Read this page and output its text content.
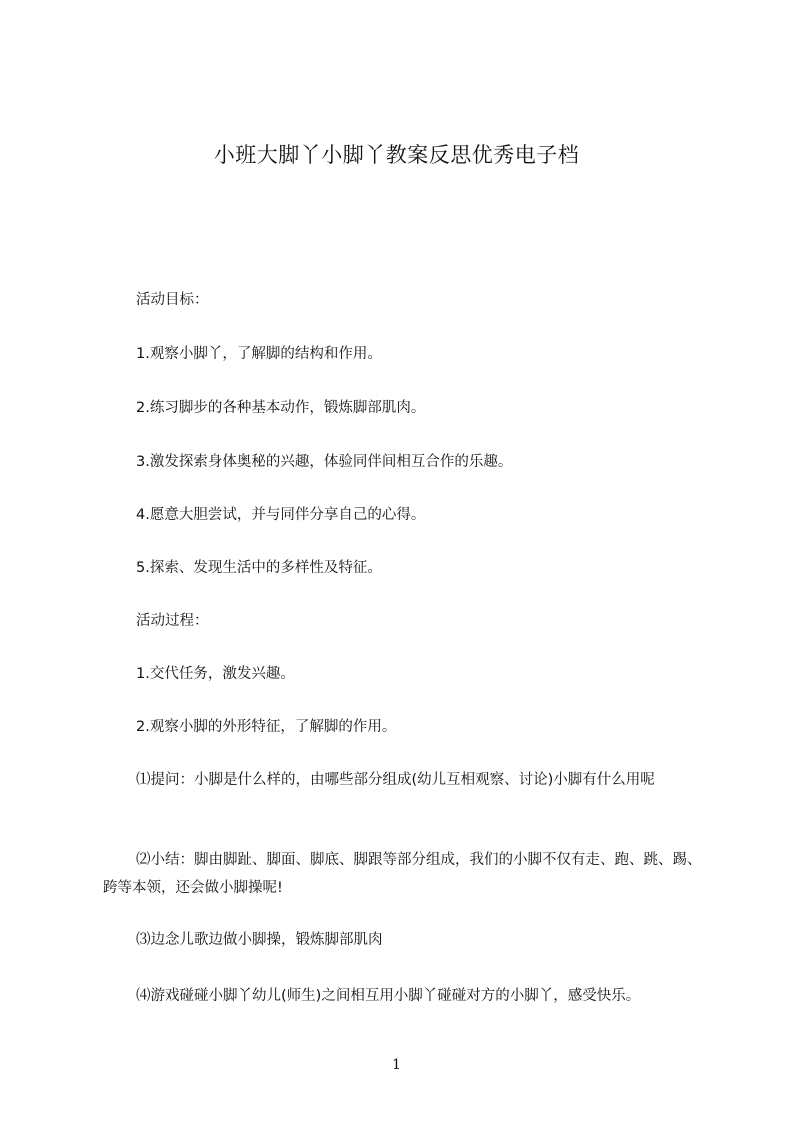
小班大脚丫小脚丫教案反思优秀电子档
活动目标：
1.观察小脚丫，了解脚的结构和作用。
2.练习脚步的各种基本动作，锻炼脚部肌肉。
3.激发探索身体奥秘的兴趣，体验同伴间相互合作的乐趣。
4.愿意大胆尝试，并与同伴分享自己的心得。
5.探索、发现生活中的多样性及特征。
活动过程：
1.交代任务，激发兴趣。
2.观察小脚的外形特征，了解脚的作用。
⑴提问：小脚是什么样的，由哪些部分组成(幼儿互相观察、讨论)小脚有什么用呢
⑵小结：脚由脚趾、脚面、脚底、脚跟等部分组成，我们的小脚不仅有走、跑、跳、踢、跨等本领，还会做小脚操呢!
⑶边念儿歌边做小脚操，锻炼脚部肌肉
⑷游戏碰碰小脚丫幼儿(师生)之间相互用小脚丫碰碰对方的小脚丫，感受快乐。
1
